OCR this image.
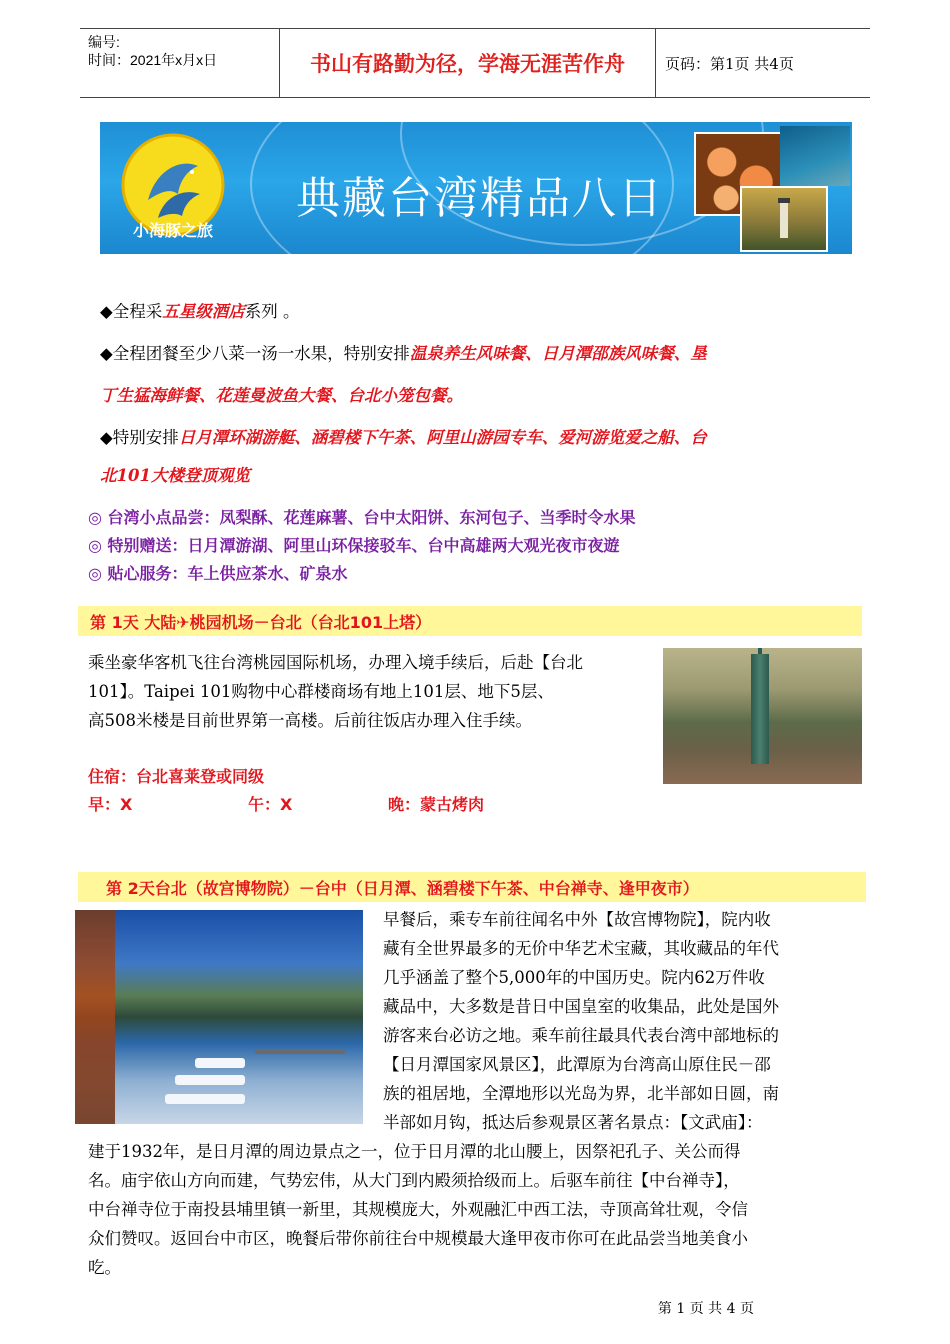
编号:
时间：2021年x月x日	书山有路勤为径，学海无涯苦作舟	页码：第1页 共4页
小海豚之旅
典藏台湾精品八日
◆全程采五星级酒店系列 。
◆全程团餐至少八菜一汤一水果，特别安排温泉养生风味餐、日月潭邵族风味餐、垦
丁生猛海鲜餐、花莲曼波鱼大餐、台北小笼包餐。
◆特别安排日月潭环湖游艇、涵碧楼下午茶、阿里山游园专车、爱河游览爱之船、台
北101大楼登顶观览
◎ 台湾小点品尝：凤梨酥、花莲麻薯、台中太阳饼、东河包子、当季时令水果
◎ 特别赠送：日月潭游湖、阿里山环保接驳车、台中高雄两大观光夜市夜遊
◎ 贴心服务：车上供应茶水、矿泉水
第 1天 大陆✈桃园机场－台北（台北101上塔）
乘坐豪华客机飞往台湾桃园国际机场，办理入境手续后，后赴【台北
101】。Taipei 101购物中心群楼商场有地上101层、地下5层、
高508米楼是目前世界第一高楼。后前往饭店办理入住手续。
住宿：台北喜莱登或同级
早：X	午：X	晚：蒙古烤肉
第 2天台北（故宫博物院）－台中（日月潭、涵碧楼下午茶、中台禅寺、逢甲夜市）
早餐后，乘专车前往闻名中外【故宫博物院】，院内收
藏有全世界最多的无价中华艺术宝藏，其收藏品的年代
几乎涵盖了整个5,000年的中国历史。院内62万件收
藏品中，大多数是昔日中国皇室的收集品，此处是国外
游客来台必访之地。乘车前往最具代表台湾中部地标的
【日月潭国家风景区】，此潭原为台湾高山原住民－邵
族的祖居地，全潭地形以光岛为界，北半部如日圆，南
半部如月钩，抵达后参观景区著名景点：【文武庙】：
建于1932年，是日月潭的周边景点之一，位于日月潭的北山腰上，因祭祀孔子、关公而得
名。庙宇依山方向而建，气势宏伟，从大门到内殿须拾级而上。后驱车前往【中台禅寺】，
中台禅寺位于南投县埔里镇一新里，其规模庞大，外观融汇中西工法，寺顶高耸壮观，令信
众们赞叹。返回台中市区，晚餐后带你前往台中规模最大逢甲夜市你可在此品尝当地美食小
吃。
第 1 页 共 4 页
